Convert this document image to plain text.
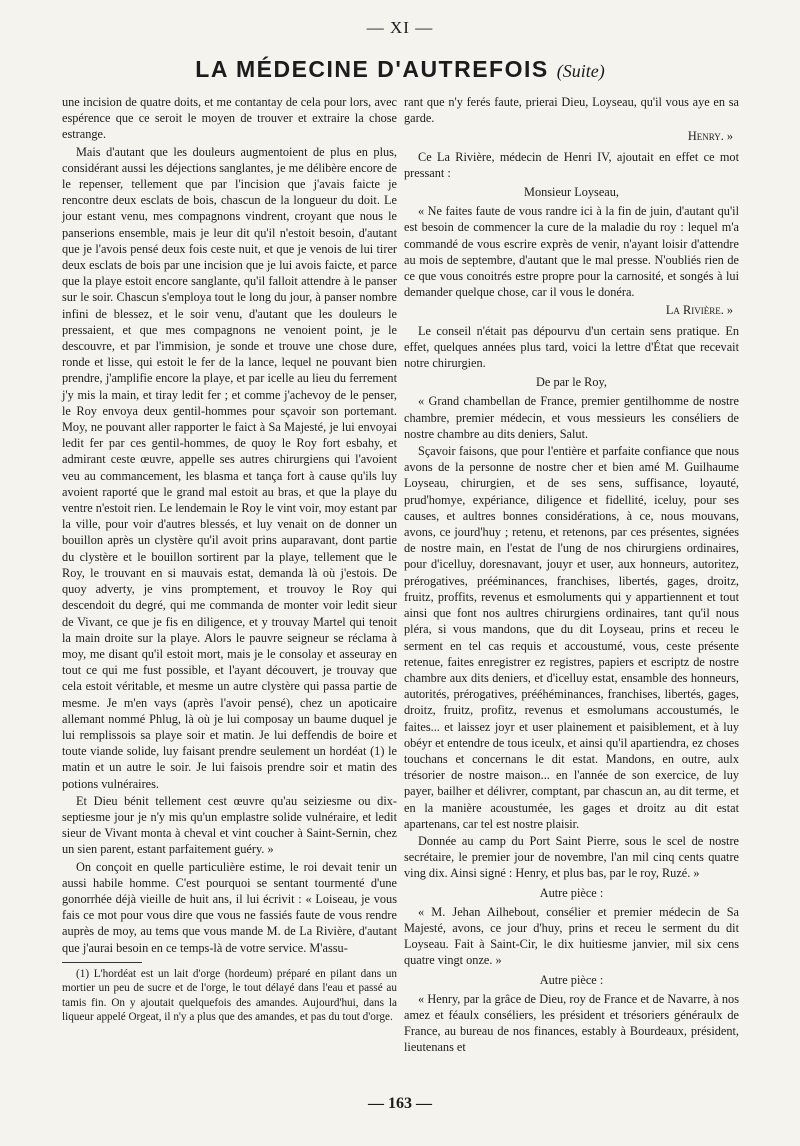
— XI —
LA MÉDECINE D'AUTREFOIS (Suite)

une incision de quatre doits, et me contantay de cela pour lors, avec espérence que ce seroit le moyen de trouver et extraire la chose estrange.

Mais d'autant que les douleurs augmentoient de plus en plus, considérant aussi les déjections sanglantes, je me délibère encore de le repenser, tellement que par l'incision que j'avais faicte je rencontre deux esclats de bois, chascun de la longueur du doit. Le jour estant venu, mes compagnons vindrent, croyant que nous le panserions ensemble, mais je leur dit qu'il n'estoit besoin, d'autant que je l'avois pensé deux fois ceste nuit, et que je venois de lui tirer deux esclats de bois par une incision que je lui avois faicte, et parce que la playe estoit encore sanglante, qu'il falloit attendre à le panser sur le soir. Chascun s'employa tout le long du jour, à panser nombre infini de blessez, et le soir venu, d'autant que les douleurs le pressaient, et que mes compagnons ne venoient point, je le descouvre, et par l'immision, je sonde et trouve une chose dure, ronde et lisse, qui estoit le fer de la lance, lequel ne pouvant bien prendre, j'amplifie encore la playe, et par icelle au lieu du ferrement j'y mis la main, et tiray ledit fer ; et comme j'achevoy de le penser, le Roy envoya deux gentil-hommes pour sçavoir son portemant. Moy, ne pouvant aller rapporter le faict à Sa Majesté, je lui envoyai ledit fer par ces gentil-hommes, de quoy le Roy fort esbahy, et admirant ceste œuvre, appelle ses autres chirurgiens qui l'avoient veu au commancement, les blasma et tança fort à cause qu'ils luy avoient raporté que le grand mal estoit au bras, et que la playe du ventre n'estoit rien. Le lendemain le Roy le vint voir, moy estant par la ville, pour voir d'autres blessés, et luy venait on de donner un bouillon après un clystère qu'il avoit prins auparavant, dont partie du clystère et le bouillon sortirent par la playe, tellement que le Roy, le trouvant en si mauvais estat, demanda là où j'estois. De quoy adverty, je vins promptement, et trouvoy le Roy qui descendoit du degré, qui me commanda de monter voir ledit sieur de Vivant, ce que je fis en diligence, et y trouvay Martel qui tenoit la main droite sur la playe. Alors le pauvre seigneur se réclama à moy, me disant qu'il estoit mort, mais je le consolay et asseuray en tout ce qui me fust possible, et l'ayant découvert, je trouvay que cela estoit véritable, et mesme un autre clystère qui passa partie de mesme. Je m'en vays (après l'avoir pensé), chez un apoticaire allemant nommé Phlug, là où je lui composay un baume duquel je lui remplissois sa playe soir et matin. Je lui deffendis de boire et toute viande solide, luy faisant prendre seulement un hordéat (1) le matin et un autre le soir. Je lui faisois prendre soir et matin des potions vulnéraires.

Et Dieu bénit tellement cest œuvre qu'au seiziesme ou dix-septiesme jour je n'y mis qu'un emplastre solide vulnéraire, et ledit sieur de Vivant monta à cheval et vint coucher à Saint-Sernin, chez un sien parent, estant parfaitement guéry. »

On conçoit en quelle particulière estime, le roi devait tenir un aussi habile homme. C'est pourquoi se sentant tourmenté d'une gonorrhée déjà vieille de huit ans, il lui écrivit : « Loiseau, je vous fais ce mot pour vous dire que vous ne fassiés faute de vous rendre auprès de moy, au tems que vous mande M. de La Rivière, d'autant que j'aurai besoin en ce temps-là de votre service. M'assu-

(1) L'hordéat est un lait d'orge (hordeum) préparé en pilant dans un mortier un peu de sucre et de l'orge, le tout délayé dans l'eau et passé au tamis fin. On y ajoutait quelquefois des amandes. Aujourd'hui, dans la liqueur appelé Orgeat, il n'y a plus que des amandes, et pas du tout d'orge.

rant que n'y ferés faute, prierai Dieu, Loyseau, qu'il vous aye en sa garde.

Henry. »

Ce La Rivière, médecin de Henri IV, ajoutait en effet ce mot pressant :

Monsieur Loyseau,

« Ne faites faute de vous randre ici à la fin de juin, d'autant qu'il est besoin de commencer la cure de la maladie du roy : lequel m'a commandé de vous escrire exprès de venir, n'ayant loisir d'attendre au mois de septembre, d'autant que le mal presse. N'oubliés rien de ce que vous conoitrés estre propre pour la carnosité, et songés à lui demander quelque chose, car il vous le donéra.

La Rivière. »

Le conseil n'était pas dépourvu d'un certain sens pratique. En effet, quelques années plus tard, voici la lettre d'État que recevait notre chirurgien.

De par le Roy,

« Grand chambellan de France, premier gentilhomme de nostre chambre, premier médecin, et vous messieurs les conséliers de nostre chambre au dits deniers, Salut.

Sçavoir faisons, que pour l'entière et parfaite confiance que nous avons de la personne de nostre cher et bien amé M. Guilhaume Loyseau, chirurgien, et de ses sens, suffisance, loyauté, prud'homye, expériance, diligence et fidellité, iceluy, pour ses causes, et aultres bonnes considérations, à ce, nous mouvans, avons, ce jourd'huy ; retenu, et retenons, par ces présentes, signées de nostre main, en l'estat de l'ung de nos chirurgiens ordinaires, pour d'icelluy, doresnavant, jouyr et user, aux honneurs, autoritez, prérogatives, prééminances, franchises, libertés, gages, droitz, fruitz, proffits, revenus et esmoluments qui y appartiennent et tout ainsi que font nos aultres chirurgiens ordinaires, tant qu'il nous pléra, si vous mandons, que du dit Loyseau, prins et receu le serment en tel cas requis et accoustumé, vous, ceste présente retenue, faites enregistrer ez registres, papiers et escriptz de nostre chambre aux dits deniers, et d'icelluy estat, ensamble des honneurs, autorités, prérogatives, prééhéminances, franchises, libertés, gages, droitz, fruitz, profitz, revenus et esmolumans accoustumés, le faites... et laissez joyr et user plainement et paisiblement, et à luy obéyr et entendre de tous iceulx, et ainsi qu'il apartiendra, ez choses touchans et concernans le dit estat. Mandons, en outre, aulx trésorier de nostre maison... en l'année de son exercice, de luy payer, bailher et délivrer, comptant, par chascun an, au dit terme, et en la manière acoustumée, les gages et droitz au dit estat apartenans, car tel est nostre plaisir.

Donnée au camp du Port Saint Pierre, sous le scel de nostre secrétaire, le premier jour de novembre, l'an mil cinq cents quatre ving dix. Ainsi signé : Henry, et plus bas, par le roy, Ruzé. »

Autre pièce :

« M. Jehan Ailhebout, consélier et premier médecin de Sa Majesté, avons, ce jour d'huy, prins et receu le serment du dit Loyseau. Fait à Saint-Cir, le dix huitiesme janvier, mil six cens quatre vingt onze. »

Autre pièce :

« Henry, par la grâce de Dieu, roy de France et de Navarre, à nos amez et féaulx conséliers, les président et trésoriers généraulx de France, au bureau de nos finances, estably à Bourdeaux, président, lieutenans et

— 163 —
